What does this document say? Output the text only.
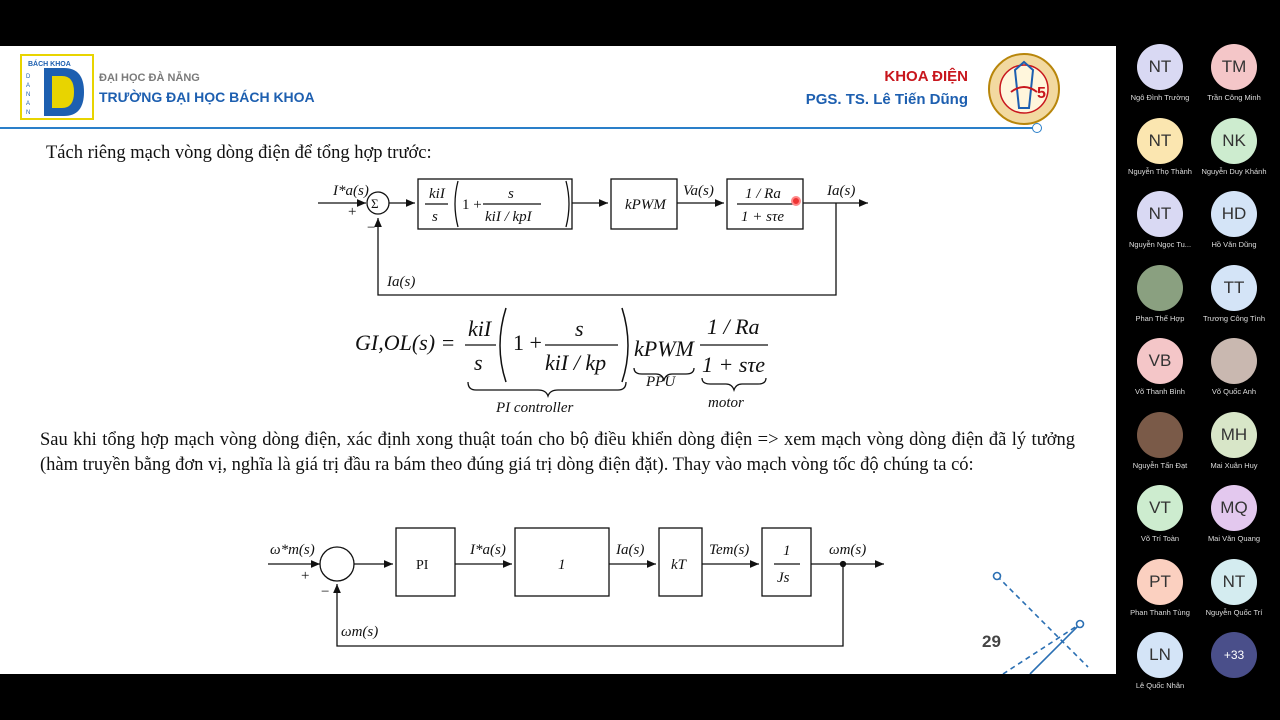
BÁCH KHOA
D
A
N
A
N
ĐẠI HỌC ĐÀ NẴNG
TRƯỜNG ĐẠI HỌC BÁCH KHOA
KHOA ĐIỆN
PGS. TS. Lê Tiến Dũng	5
Tách riêng mạch vòng dòng điện để tổng hợp trước:
I*a(s)
+
−
Σ
kiI
s
1 +
s
kiI / kpI
kPWM
Va(s) 1 / Ra
1 + sτe
Ia(s)
Ia(s)
GI,OL(s) =
kiI
s
1 +
s
kiI / kp
kPWM
1 / Ra
1 + sτe
PI controller
PPU
motor
ω*m(s)
+
−
PI
I*a(s)
1
Ia(s)
kT
Tem(s) 1
Js
ωm(s)
ωm(s)
Sau khi tổng hợp mạch vòng dòng điện, xác định xong thuật toán cho bộ điều khiển dòng điện => xem mạch vòng dòng điện đã lý tưởng (hàm truyền bằng đơn vị, nghĩa là giá trị đầu ra bám theo đúng giá trị dòng điện đặt). Thay vào mạch vòng tốc độ chúng ta có:
29
NT
Ngô Đình Trường
TM
Trần Công Minh
NT
Nguyễn Thọ Thành
NK
Nguyễn Duy Khánh
NT
Nguyễn Ngọc Tu...
HD
Hồ Văn Dũng
Phan Thế Hợp
TT
Trương Công Tình
VB
Võ Thanh Bình	Võ Quốc Anh
Nguyễn Tấn Đạt
MH
Mai Xuân Huy
VT
Võ Trí Toàn
MQ
Mai Văn Quang
PT
Phan Thanh Tùng
NT
Nguyễn Quốc Trí
LN
Lê Quốc Nhân
+33
